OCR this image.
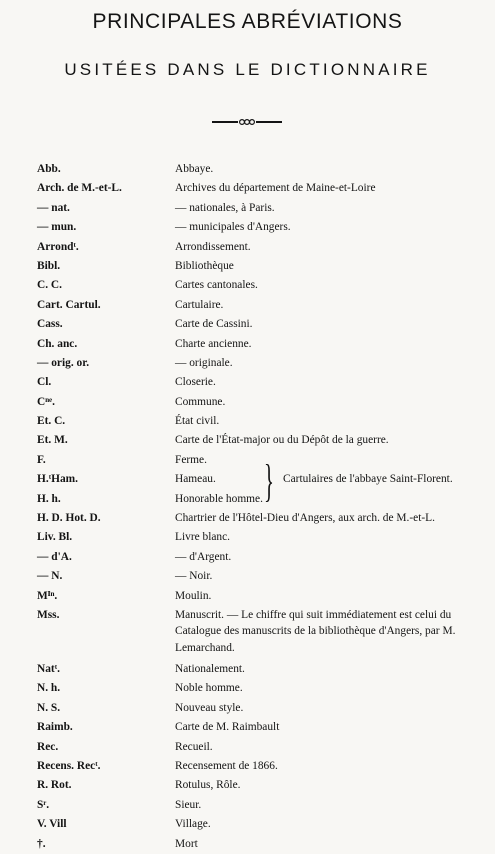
PRINCIPALES ABRÉVIATIONS
USITÉES DANS LE DICTIONNAIRE
Abb.	Abbaye.
Arch. de M.-et-L.	Archives du département de Maine-et-Loire
— nat.	— nationales, à Paris.
— mun.	— municipales d'Angers.
Arrondᵗ.	Arrondissement.
Bibl.	Bibliothèque
C. C.	Cartes cantonales.
Cart. Cartul.	Cartulaire.
Cass.	Carte de Cassini.
Ch. anc.	Charte ancienne.
— orig. or.	— originale.
Cl.	Closerie.
Cⁿᵉ.	Commune.
Et. C.	État civil.
Et. M.	Carte de l'État-major ou du Dépôt de la guerre.
F.	Ferme.
H.ᵗHam.	Hameau.
H. h.	Honorable homme.
H. D. Hot. D.	Chartrier de l'Hôtel-Dieu d'Angers, aux arch. de M.-et-L.
Liv. Bl.	Livre blanc.
— d'A.	— d'Argent.
— N.	— Noir.
Mᴵⁿ.	Moulin.
Mss.	Manuscrit. — Le chiffre qui suit immédiatement est celui du Catalogue des manuscrits de la bibliothèque d'Angers, par M. Lemarchand.
Natᵗ.	Nationalement.
N. h.	Noble homme.
N. S.	Nouveau style.
Raimb.	Carte de M. Raimbault
Rec.	Recueil.
Recens. Recᵗ.	Recensement de 1866.
R. Rot.	Rotulus, Rôle.
Sʳ.	Sieur.
V. Vill	Village.
†.	Mort
} Cartulaires de l'abbaye Saint-Florent.
